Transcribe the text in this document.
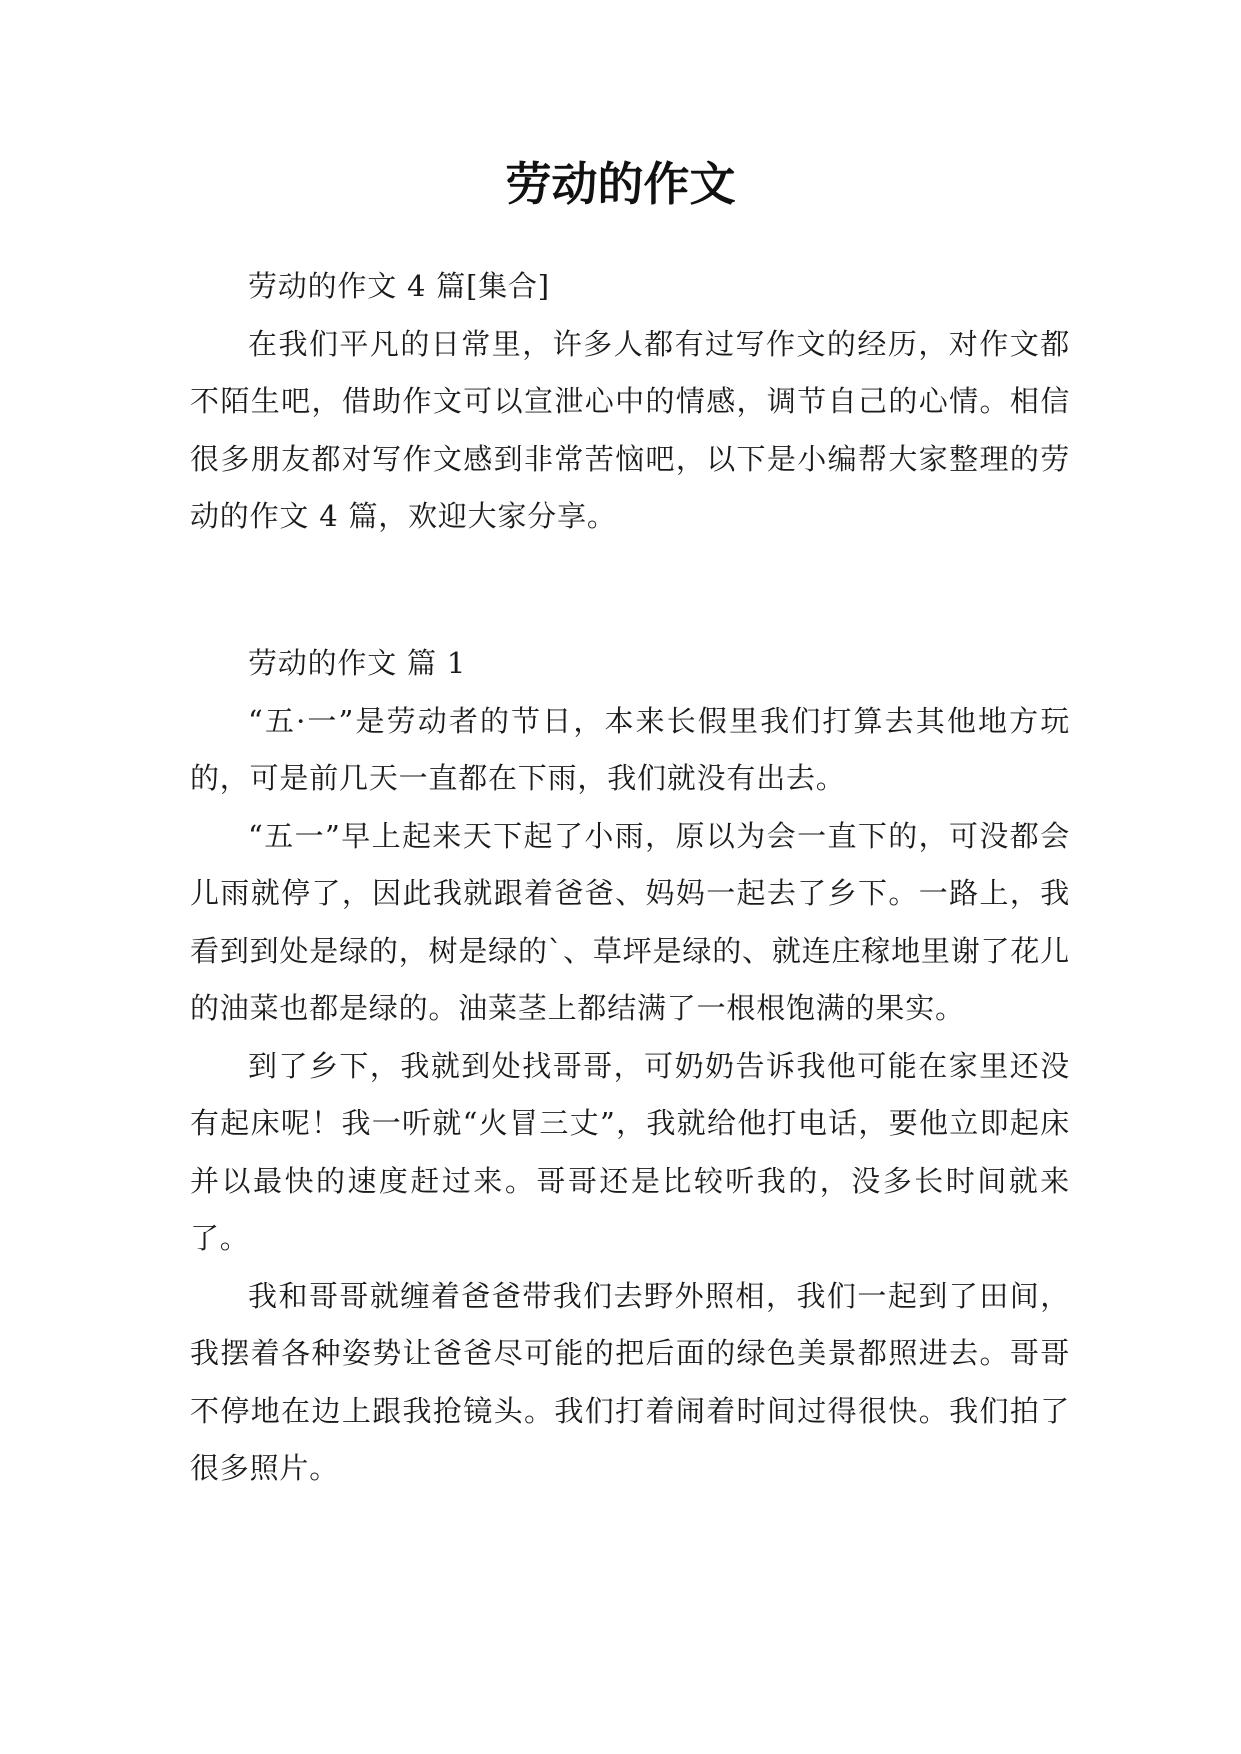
劳动的作文

劳动的作文 4 篇[集合]

在我们平凡的日常里，许多人都有过写作文的经历，对作文都不陌生吧，借助作文可以宣泄心中的情感，调节自己的心情。相信很多朋友都对写作文感到非常苦恼吧，以下是小编帮大家整理的劳动的作文 4 篇，欢迎大家分享。

劳动的作文 篇 1

“五·一”是劳动者的节日，本来长假里我们打算去其他地方玩的，可是前几天一直都在下雨，我们就没有出去。

“五一”早上起来天下起了小雨，原以为会一直下的，可没都会儿雨就停了，因此我就跟着爸爸、妈妈一起去了乡下。一路上，我看到到处是绿的，树是绿的`、草坪是绿的、就连庄稼地里谢了花儿的油菜也都是绿的。油菜茎上都结满了一根根饱满的果实。

到了乡下，我就到处找哥哥，可奶奶告诉我他可能在家里还没有起床呢！我一听就“火冒三丈”，我就给他打电话，要他立即起床并以最快的速度赶过来。哥哥还是比较听我的，没多长时间就来了。

我和哥哥就缠着爸爸带我们去野外照相，我们一起到了田间，我摆着各种姿势让爸爸尽可能的把后面的绿色美景都照进去。哥哥不停地在边上跟我抢镜头。我们打着闹着时间过得很快。我们拍了很多照片。
